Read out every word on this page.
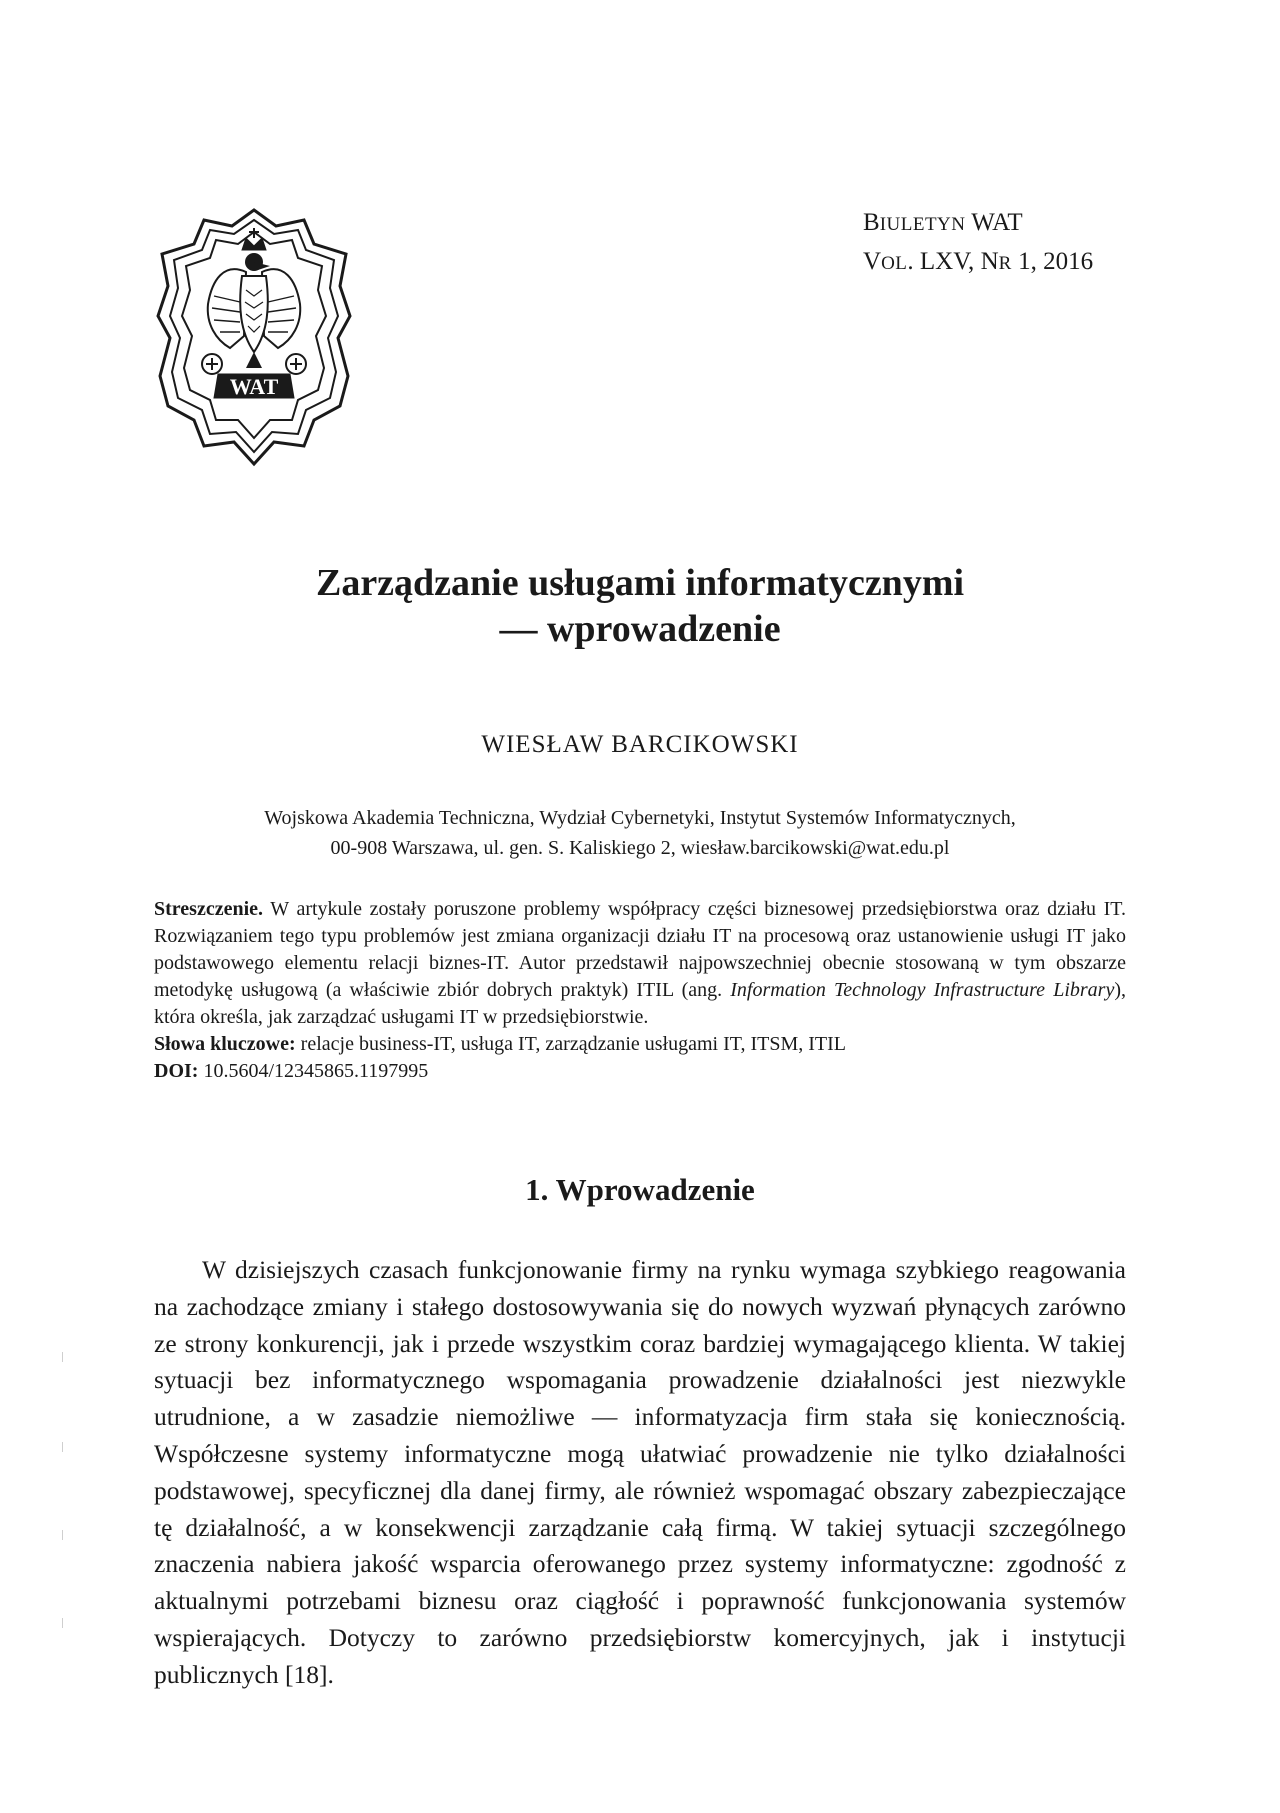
WAT
BIULETYN WAT
VOL. LXV, NR 1, 2016
Zarządzanie usługami informatycznymi
— wprowadzenie

WIESŁAW BARCIKOWSKI

Wojskowa Akademia Techniczna, Wydział Cybernetyki, Instytut Systemów Informatycznych,
00-908 Warszawa, ul. gen. S. Kaliskiego 2, wiesław.barcikowski@wat.edu.pl

Streszczenie. W artykule zostały poruszone problemy współpracy części biznesowej przedsiębiorstwa oraz działu IT. Rozwiązaniem tego typu problemów jest zmiana organizacji działu IT na procesową oraz ustanowienie usługi IT jako podstawowego elementu relacji biznes-IT. Autor przedstawił najpowszechniej obecnie stosowaną w tym obszarze metodykę usługową (a właściwie zbiór dobrych praktyk) ITIL (ang. Information Technology Infrastructure Library), która określa, jak zarządzać usługami IT w przedsiębiorstwie.

Słowa kluczowe: relacje business-IT, usługa IT, zarządzanie usługami IT, ITSM, ITIL

DOI: 10.5604/12345865.1197995

1. Wprowadzenie

W dzisiejszych czasach funkcjonowanie firmy na rynku wymaga szybkiego reagowania na zachodzące zmiany i stałego dostosowywania się do nowych wyzwań płynących zarówno ze strony konkurencji, jak i przede wszystkim coraz bardziej wymagającego klienta. W takiej sytuacji bez informatycznego wspomagania prowadzenie działalności jest niezwykle utrudnione, a w zasadzie niemożliwe — informatyzacja firm stała się koniecznością. Współczesne systemy informatyczne mogą ułatwiać prowadzenie nie tylko działalności podstawowej, specyficznej dla danej firmy, ale również wspomagać obszary zabezpieczające tę działalność, a w konsekwencji zarządzanie całą firmą. W takiej sytuacji szczególnego znaczenia nabiera jakość wsparcia oferowanego przez systemy informatyczne: zgodność z aktualnymi potrzebami biznesu oraz ciągłość i poprawność funkcjonowania systemów wspierających. Dotyczy to zarówno przedsiębiorstw komercyjnych, jak i instytucji publicznych [18].
